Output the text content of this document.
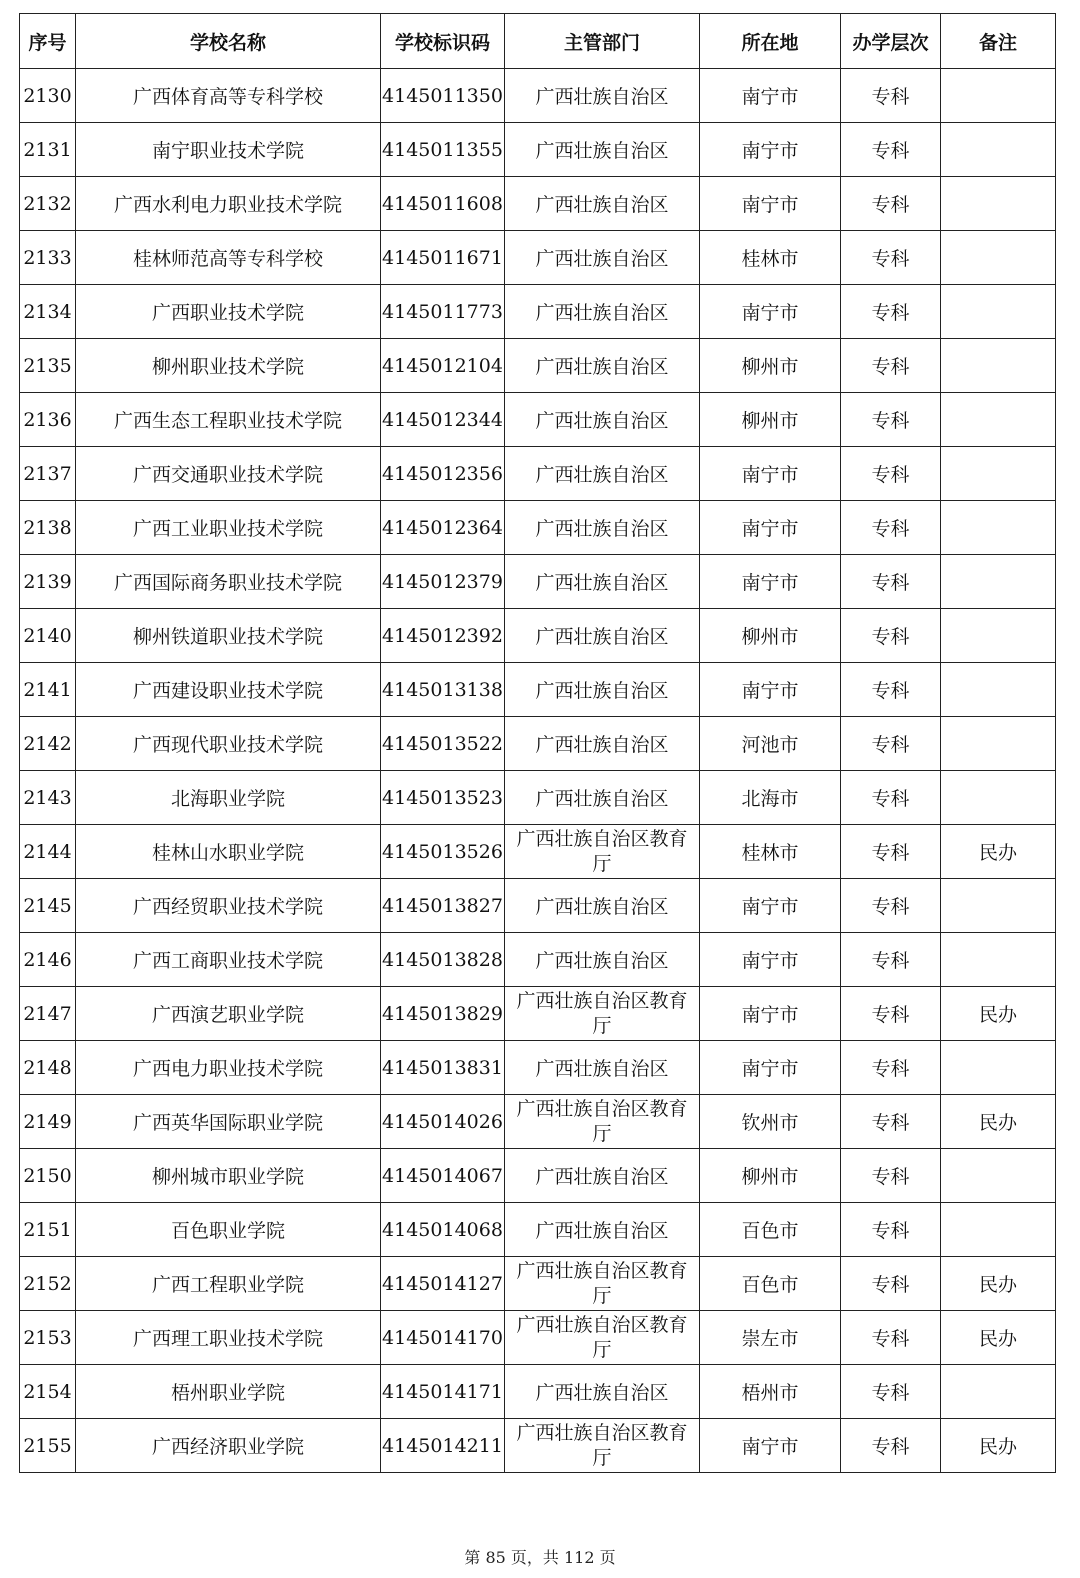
序号	学校名称	学校标识码	主管部门	所在地	办学层次	备注
2130	广西体育高等专科学校	4145011350	广西壮族自治区	南宁市	专科	
2131	南宁职业技术学院	4145011355	广西壮族自治区	南宁市	专科	
2132	广西水利电力职业技术学院	4145011608	广西壮族自治区	南宁市	专科	
2133	桂林师范高等专科学校	4145011671	广西壮族自治区	桂林市	专科	
2134	广西职业技术学院	4145011773	广西壮族自治区	南宁市	专科	
2135	柳州职业技术学院	4145012104	广西壮族自治区	柳州市	专科	
2136	广西生态工程职业技术学院	4145012344	广西壮族自治区	柳州市	专科	
2137	广西交通职业技术学院	4145012356	广西壮族自治区	南宁市	专科	
2138	广西工业职业技术学院	4145012364	广西壮族自治区	南宁市	专科	
2139	广西国际商务职业技术学院	4145012379	广西壮族自治区	南宁市	专科	
2140	柳州铁道职业技术学院	4145012392	广西壮族自治区	柳州市	专科	
2141	广西建设职业技术学院	4145013138	广西壮族自治区	南宁市	专科	
2142	广西现代职业技术学院	4145013522	广西壮族自治区	河池市	专科	
2143	北海职业学院	4145013523	广西壮族自治区	北海市	专科	
2144	桂林山水职业学院	4145013526	广西壮族自治区教育厅	桂林市	专科	民办
2145	广西经贸职业技术学院	4145013827	广西壮族自治区	南宁市	专科	
2146	广西工商职业技术学院	4145013828	广西壮族自治区	南宁市	专科	
2147	广西演艺职业学院	4145013829	广西壮族自治区教育厅	南宁市	专科	民办
2148	广西电力职业技术学院	4145013831	广西壮族自治区	南宁市	专科	
2149	广西英华国际职业学院	4145014026	广西壮族自治区教育厅	钦州市	专科	民办
2150	柳州城市职业学院	4145014067	广西壮族自治区	柳州市	专科	
2151	百色职业学院	4145014068	广西壮族自治区	百色市	专科	
2152	广西工程职业学院	4145014127	广西壮族自治区教育厅	百色市	专科	民办
2153	广西理工职业技术学院	4145014170	广西壮族自治区教育厅	崇左市	专科	民办
2154	梧州职业学院	4145014171	广西壮族自治区	梧州市	专科	
2155	广西经济职业学院	4145014211	广西壮族自治区教育厅	南宁市	专科	民办
第 85 页，共 112 页
